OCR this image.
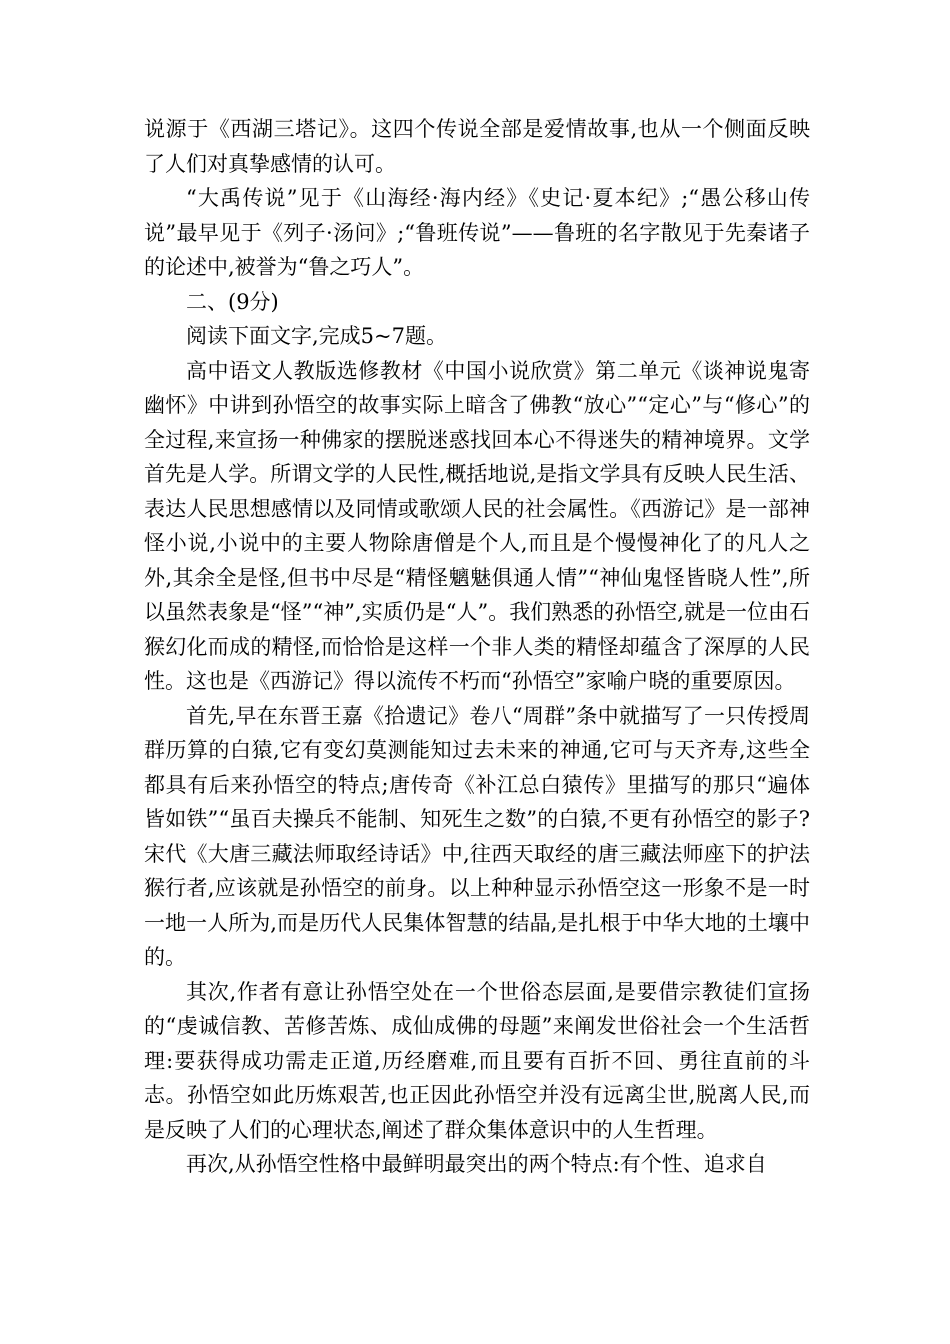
说源于《西湖三塔记》。这四个传说全部是爱情故事,也从一个侧面反映了人们对真挚感情的认可。

“大禹传说”见于《山海经·海内经》《史记·夏本纪》;“愚公移山传说”最早见于《列子·汤问》;“鲁班传说”——鲁班的名字散见于先秦诸子的论述中,被誉为“鲁之巧人”。

二、(9分)

阅读下面文字,完成5~7题。

高中语文人教版选修教材《中国小说欣赏》第二单元《谈神说鬼寄幽怀》中讲到孙悟空的故事实际上暗含了佛教“放心”“定心”与“修心”的全过程,来宣扬一种佛家的摆脱迷惑找回本心不得迷失的精神境界。文学首先是人学。所谓文学的人民性,概括地说,是指文学具有反映人民生活、表达人民思想感情以及同情或歌颂人民的社会属性。《西游记》是一部神怪小说,小说中的主要人物除唐僧是个人,而且是个慢慢神化了的凡人之外,其余全是怪,但书中尽是“精怪魑魅俱通人情”“神仙鬼怪皆晓人性”,所以虽然表象是“怪”“神”,实质仍是“人”。我们熟悉的孙悟空,就是一位由石猴幻化而成的精怪,而恰恰是这样一个非人类的精怪却蕴含了深厚的人民性。这也是《西游记》得以流传不朽而“孙悟空”家喻户晓的重要原因。

首先,早在东晋王嘉《拾遗记》卷八“周群”条中就描写了一只传授周群历算的白猿,它有变幻莫测能知过去未来的神通,它可与天齐寿,这些全都具有后来孙悟空的特点;唐传奇《补江总白猿传》里描写的那只“遍体皆如铁”“虽百夫操兵不能制、知死生之数”的白猿,不更有孙悟空的影子?宋代《大唐三藏法师取经诗话》中,往西天取经的唐三藏法师座下的护法猴行者,应该就是孙悟空的前身。以上种种显示孙悟空这一形象不是一时一地一人所为,而是历代人民集体智慧的结晶,是扎根于中华大地的土壤中的。

其次,作者有意让孙悟空处在一个世俗态层面,是要借宗教徒们宣扬的“虔诚信教、苦修苦炼、成仙成佛的母题”来阐发世俗社会一个生活哲理:要获得成功需走正道,历经磨难,而且要有百折不回、勇往直前的斗志。孙悟空如此历炼艰苦,也正因此孙悟空并没有远离尘世,脱离人民,而是反映了人们的心理状态,阐述了群众集体意识中的人生哲理。

再次,从孙悟空性格中最鲜明最突出的两个特点:有个性、追求自
